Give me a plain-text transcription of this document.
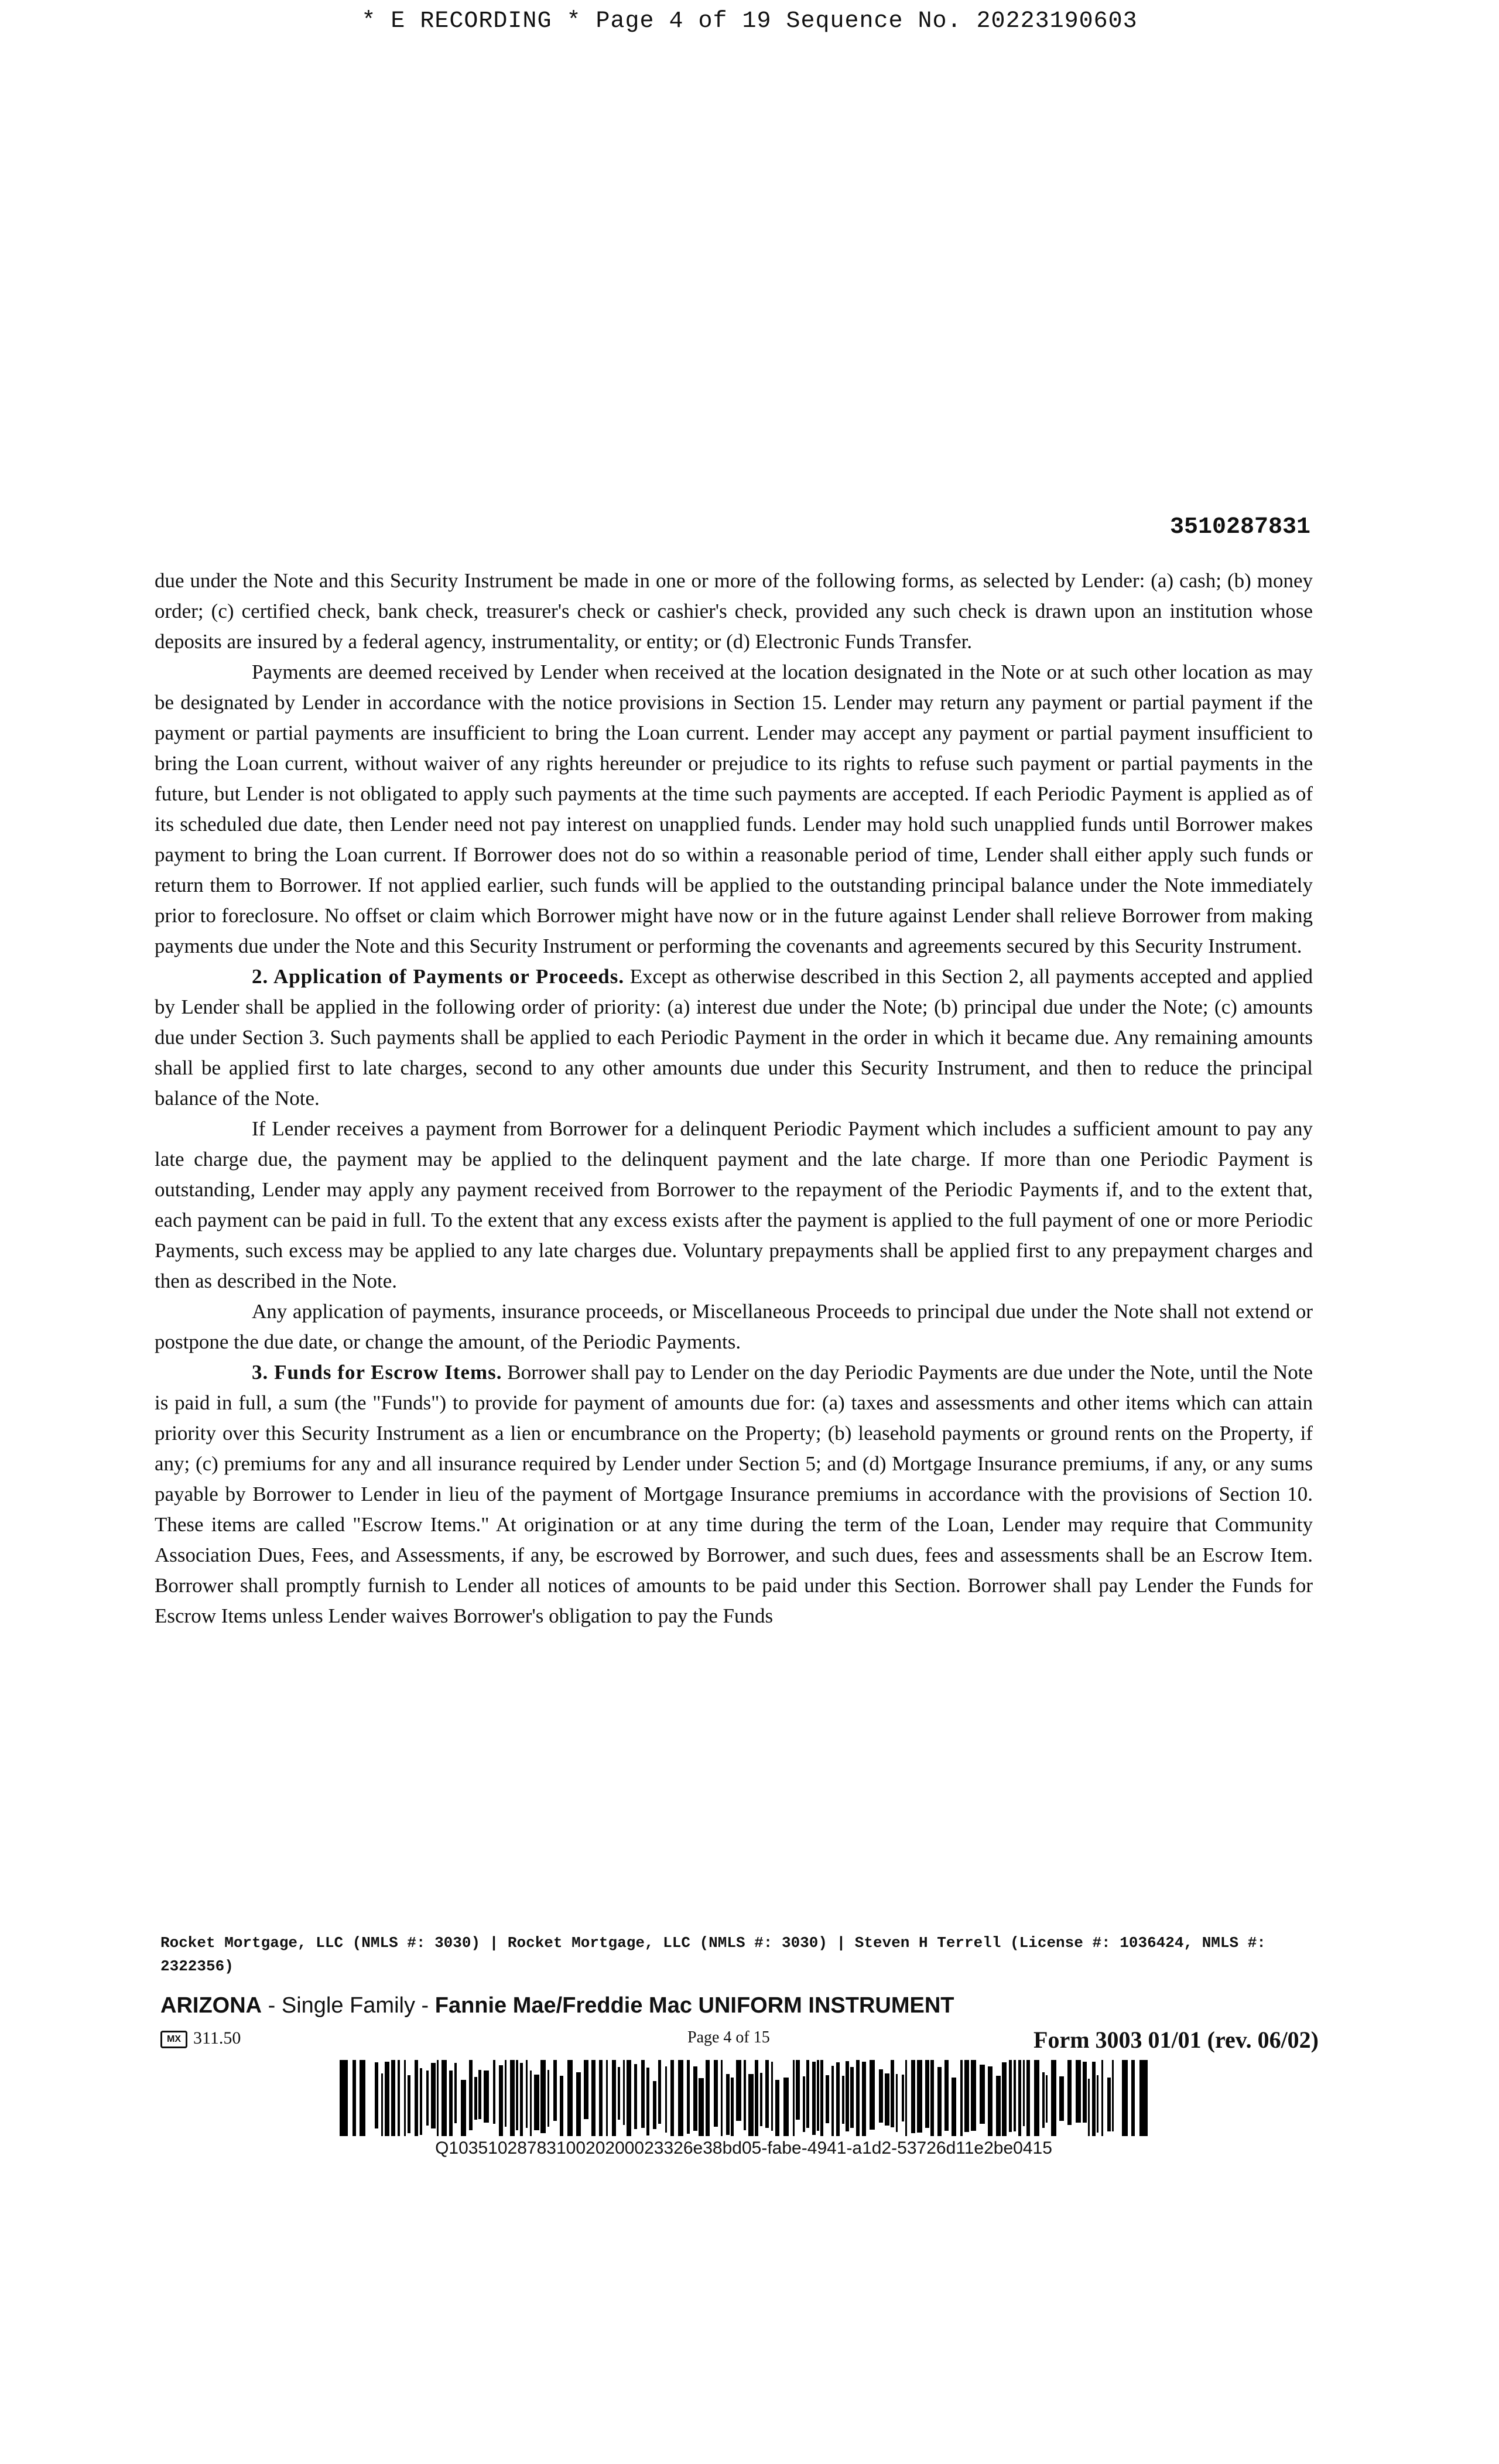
* E RECORDING * Page 4 of 19 Sequence No. 20223190603
3510287831

due under the Note and this Security Instrument be made in one or more of the following forms, as selected by Lender: (a) cash; (b) money order; (c) certified check, bank check, treasurer's check or cashier's check, provided any such check is drawn upon an institution whose deposits are insured by a federal agency, instrumentality, or entity; or (d) Electronic Funds Transfer.

Payments are deemed received by Lender when received at the location designated in the Note or at such other location as may be designated by Lender in accordance with the notice provisions in Section 15. Lender may return any payment or partial payment if the payment or partial payments are insufficient to bring the Loan current. Lender may accept any payment or partial payment insufficient to bring the Loan current, without waiver of any rights hereunder or prejudice to its rights to refuse such payment or partial payments in the future, but Lender is not obligated to apply such payments at the time such payments are accepted. If each Periodic Payment is applied as of its scheduled due date, then Lender need not pay interest on unapplied funds. Lender may hold such unapplied funds until Borrower makes payment to bring the Loan current. If Borrower does not do so within a reasonable period of time, Lender shall either apply such funds or return them to Borrower. If not applied earlier, such funds will be applied to the outstanding principal balance under the Note immediately prior to foreclosure. No offset or claim which Borrower might have now or in the future against Lender shall relieve Borrower from making payments due under the Note and this Security Instrument or performing the covenants and agreements secured by this Security Instrument.

2. Application of Payments or Proceeds. Except as otherwise described in this Section 2, all payments accepted and applied by Lender shall be applied in the following order of priority: (a) interest due under the Note; (b) principal due under the Note; (c) amounts due under Section 3. Such payments shall be applied to each Periodic Payment in the order in which it became due. Any remaining amounts shall be applied first to late charges, second to any other amounts due under this Security Instrument, and then to reduce the principal balance of the Note.

If Lender receives a payment from Borrower for a delinquent Periodic Payment which includes a sufficient amount to pay any late charge due, the payment may be applied to the delinquent payment and the late charge. If more than one Periodic Payment is outstanding, Lender may apply any payment received from Borrower to the repayment of the Periodic Payments if, and to the extent that, each payment can be paid in full. To the extent that any excess exists after the payment is applied to the full payment of one or more Periodic Payments, such excess may be applied to any late charges due. Voluntary prepayments shall be applied first to any prepayment charges and then as described in the Note.

Any application of payments, insurance proceeds, or Miscellaneous Proceeds to principal due under the Note shall not extend or postpone the due date, or change the amount, of the Periodic Payments.

3. Funds for Escrow Items. Borrower shall pay to Lender on the day Periodic Payments are due under the Note, until the Note is paid in full, a sum (the "Funds") to provide for payment of amounts due for: (a) taxes and assessments and other items which can attain priority over this Security Instrument as a lien or encumbrance on the Property; (b) leasehold payments or ground rents on the Property, if any; (c) premiums for any and all insurance required by Lender under Section 5; and (d) Mortgage Insurance premiums, if any, or any sums payable by Borrower to Lender in lieu of the payment of Mortgage Insurance premiums in accordance with the provisions of Section 10. These items are called "Escrow Items." At origination or at any time during the term of the Loan, Lender may require that Community Association Dues, Fees, and Assessments, if any, be escrowed by Borrower, and such dues, fees and assessments shall be an Escrow Item. Borrower shall promptly furnish to Lender all notices of amounts to be paid under this Section. Borrower shall pay Lender the Funds for Escrow Items unless Lender waives Borrower's obligation to pay the Funds

Rocket Mortgage, LLC (NMLS #: 3030) | Rocket Mortgage, LLC (NMLS #: 3030) | Steven H Terrell (License #: 1036424, NMLS #: 2322356)
ARIZONA - Single Family - Fannie Mae/Freddie Mac UNIFORM INSTRUMENT
MX 311.50	Page 4 of 15	Form 3003 01/01 (rev. 06/02)
Q1035102878310020200023326e38bd05-fabe-4941-a1d2-53726d11e2be0415
